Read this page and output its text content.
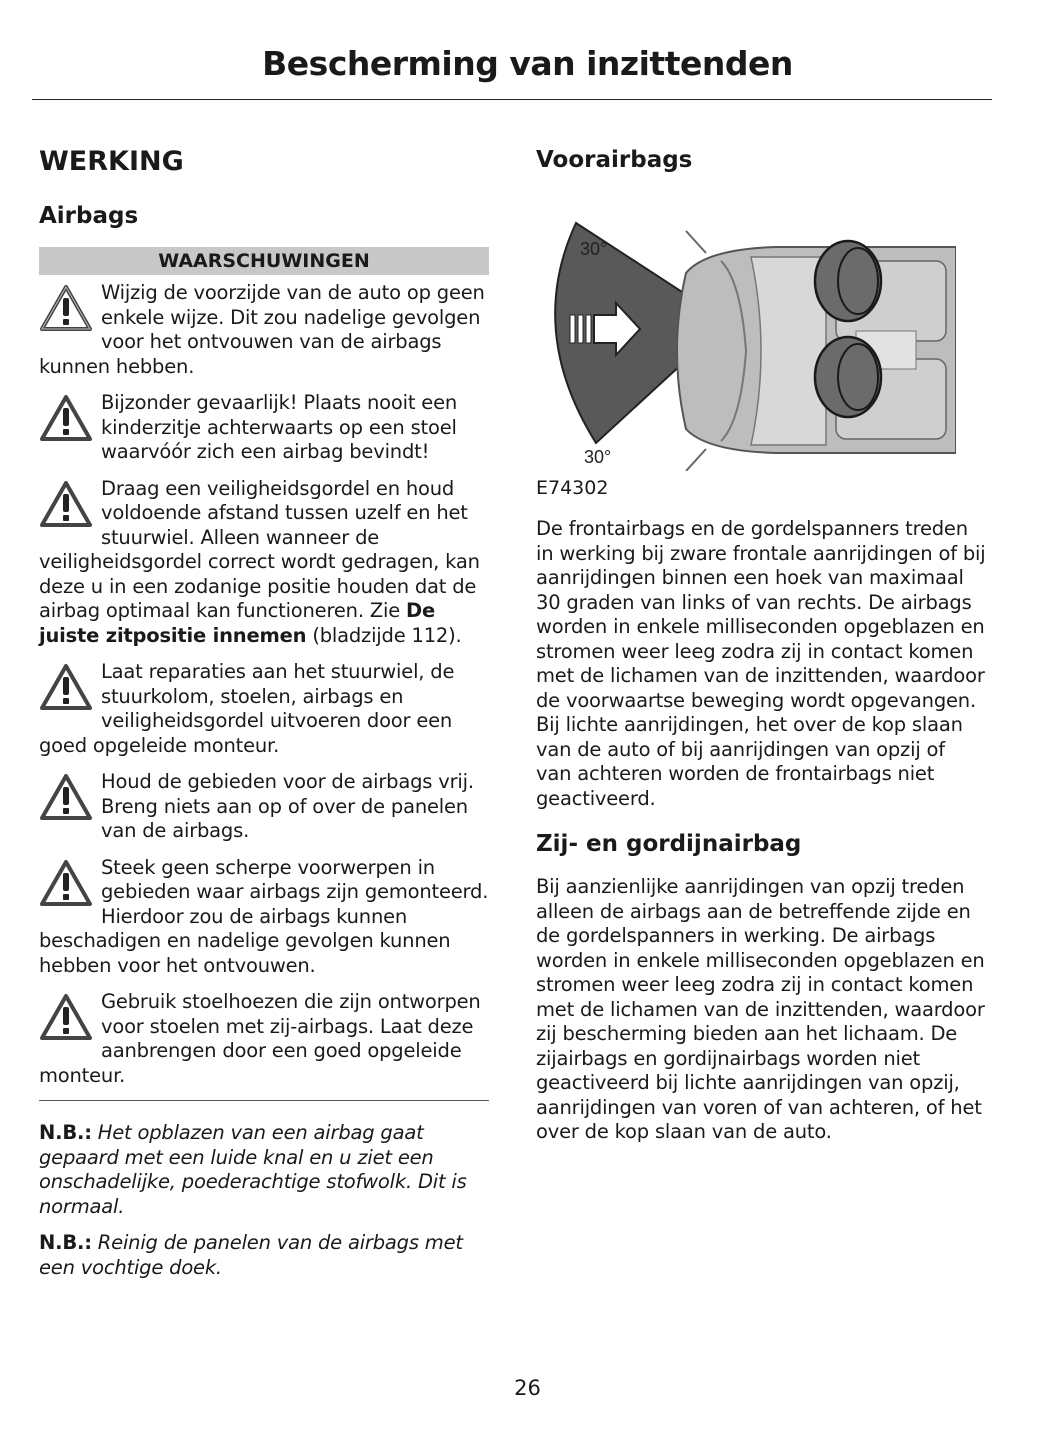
Bescherming van inzittenden
WERKING
Airbags
WAARSCHUWINGEN
Wijzig de voorzijde van de auto op geen enkele wijze. Dit zou nadelige gevolgen voor het ontvouwen van de airbags kunnen hebben.
Bijzonder gevaarlijk! Plaats nooit een kinderzitje achterwaarts op een stoel waarvóór zich een airbag bevindt!
Draag een veiligheidsgordel en houd voldoende afstand tussen uzelf en het stuurwiel. Alleen wanneer de veiligheidsgordel correct wordt gedragen, kan deze u in een zodanige positie houden dat de airbag optimaal kan functioneren. Zie De juiste zitpositie innemen (bladzijde 112).
Laat reparaties aan het stuurwiel, de stuurkolom, stoelen, airbags en veiligheidsgordel uitvoeren door een goed opgeleide monteur.
Houd de gebieden voor de airbags vrij. Breng niets aan op of over de panelen van de airbags.
Steek geen scherpe voorwerpen in gebieden waar airbags zijn gemonteerd. Hierdoor zou de airbags kunnen beschadigen en nadelige gevolgen kunnen hebben voor het ontvouwen.
Gebruik stoelhoezen die zijn ontworpen voor stoelen met zij-airbags. Laat deze aanbrengen door een goed opgeleide monteur.

N.B.: Het opblazen van een airbag gaat gepaard met een luide knal en u ziet een onschadelijke, poederachtige stofwolk. Dit is normaal.

N.B.: Reinig de panelen van de airbags met een vochtige doek.

Voorairbags
30°
30°
E74302

De frontairbags en de gordelspanners treden in werking bij zware frontale aanrijdingen of bij aanrijdingen binnen een hoek van maximaal 30 graden van links of van rechts. De airbags worden in enkele milliseconden opgeblazen en stromen weer leeg zodra zij in contact komen met de lichamen van de inzittenden, waardoor de voorwaartse beweging wordt opgevangen. Bij lichte aanrijdingen, het over de kop slaan van de auto of bij aanrijdingen van opzij of van achteren worden de frontairbags niet geactiveerd.

Zij- en gordijnairbag

Bij aanzienlijke aanrijdingen van opzij treden alleen de airbags aan de betreffende zijde en de gordelspanners in werking. De airbags worden in enkele milliseconden opgeblazen en stromen weer leeg zodra zij in contact komen met de lichamen van de inzittenden, waardoor zij bescherming bieden aan het lichaam. De zijairbags en gordijnairbags worden niet geactiveerd bij lichte aanrijdingen van opzij, aanrijdingen van voren of van achteren, of het over de kop slaan van de auto.

26
